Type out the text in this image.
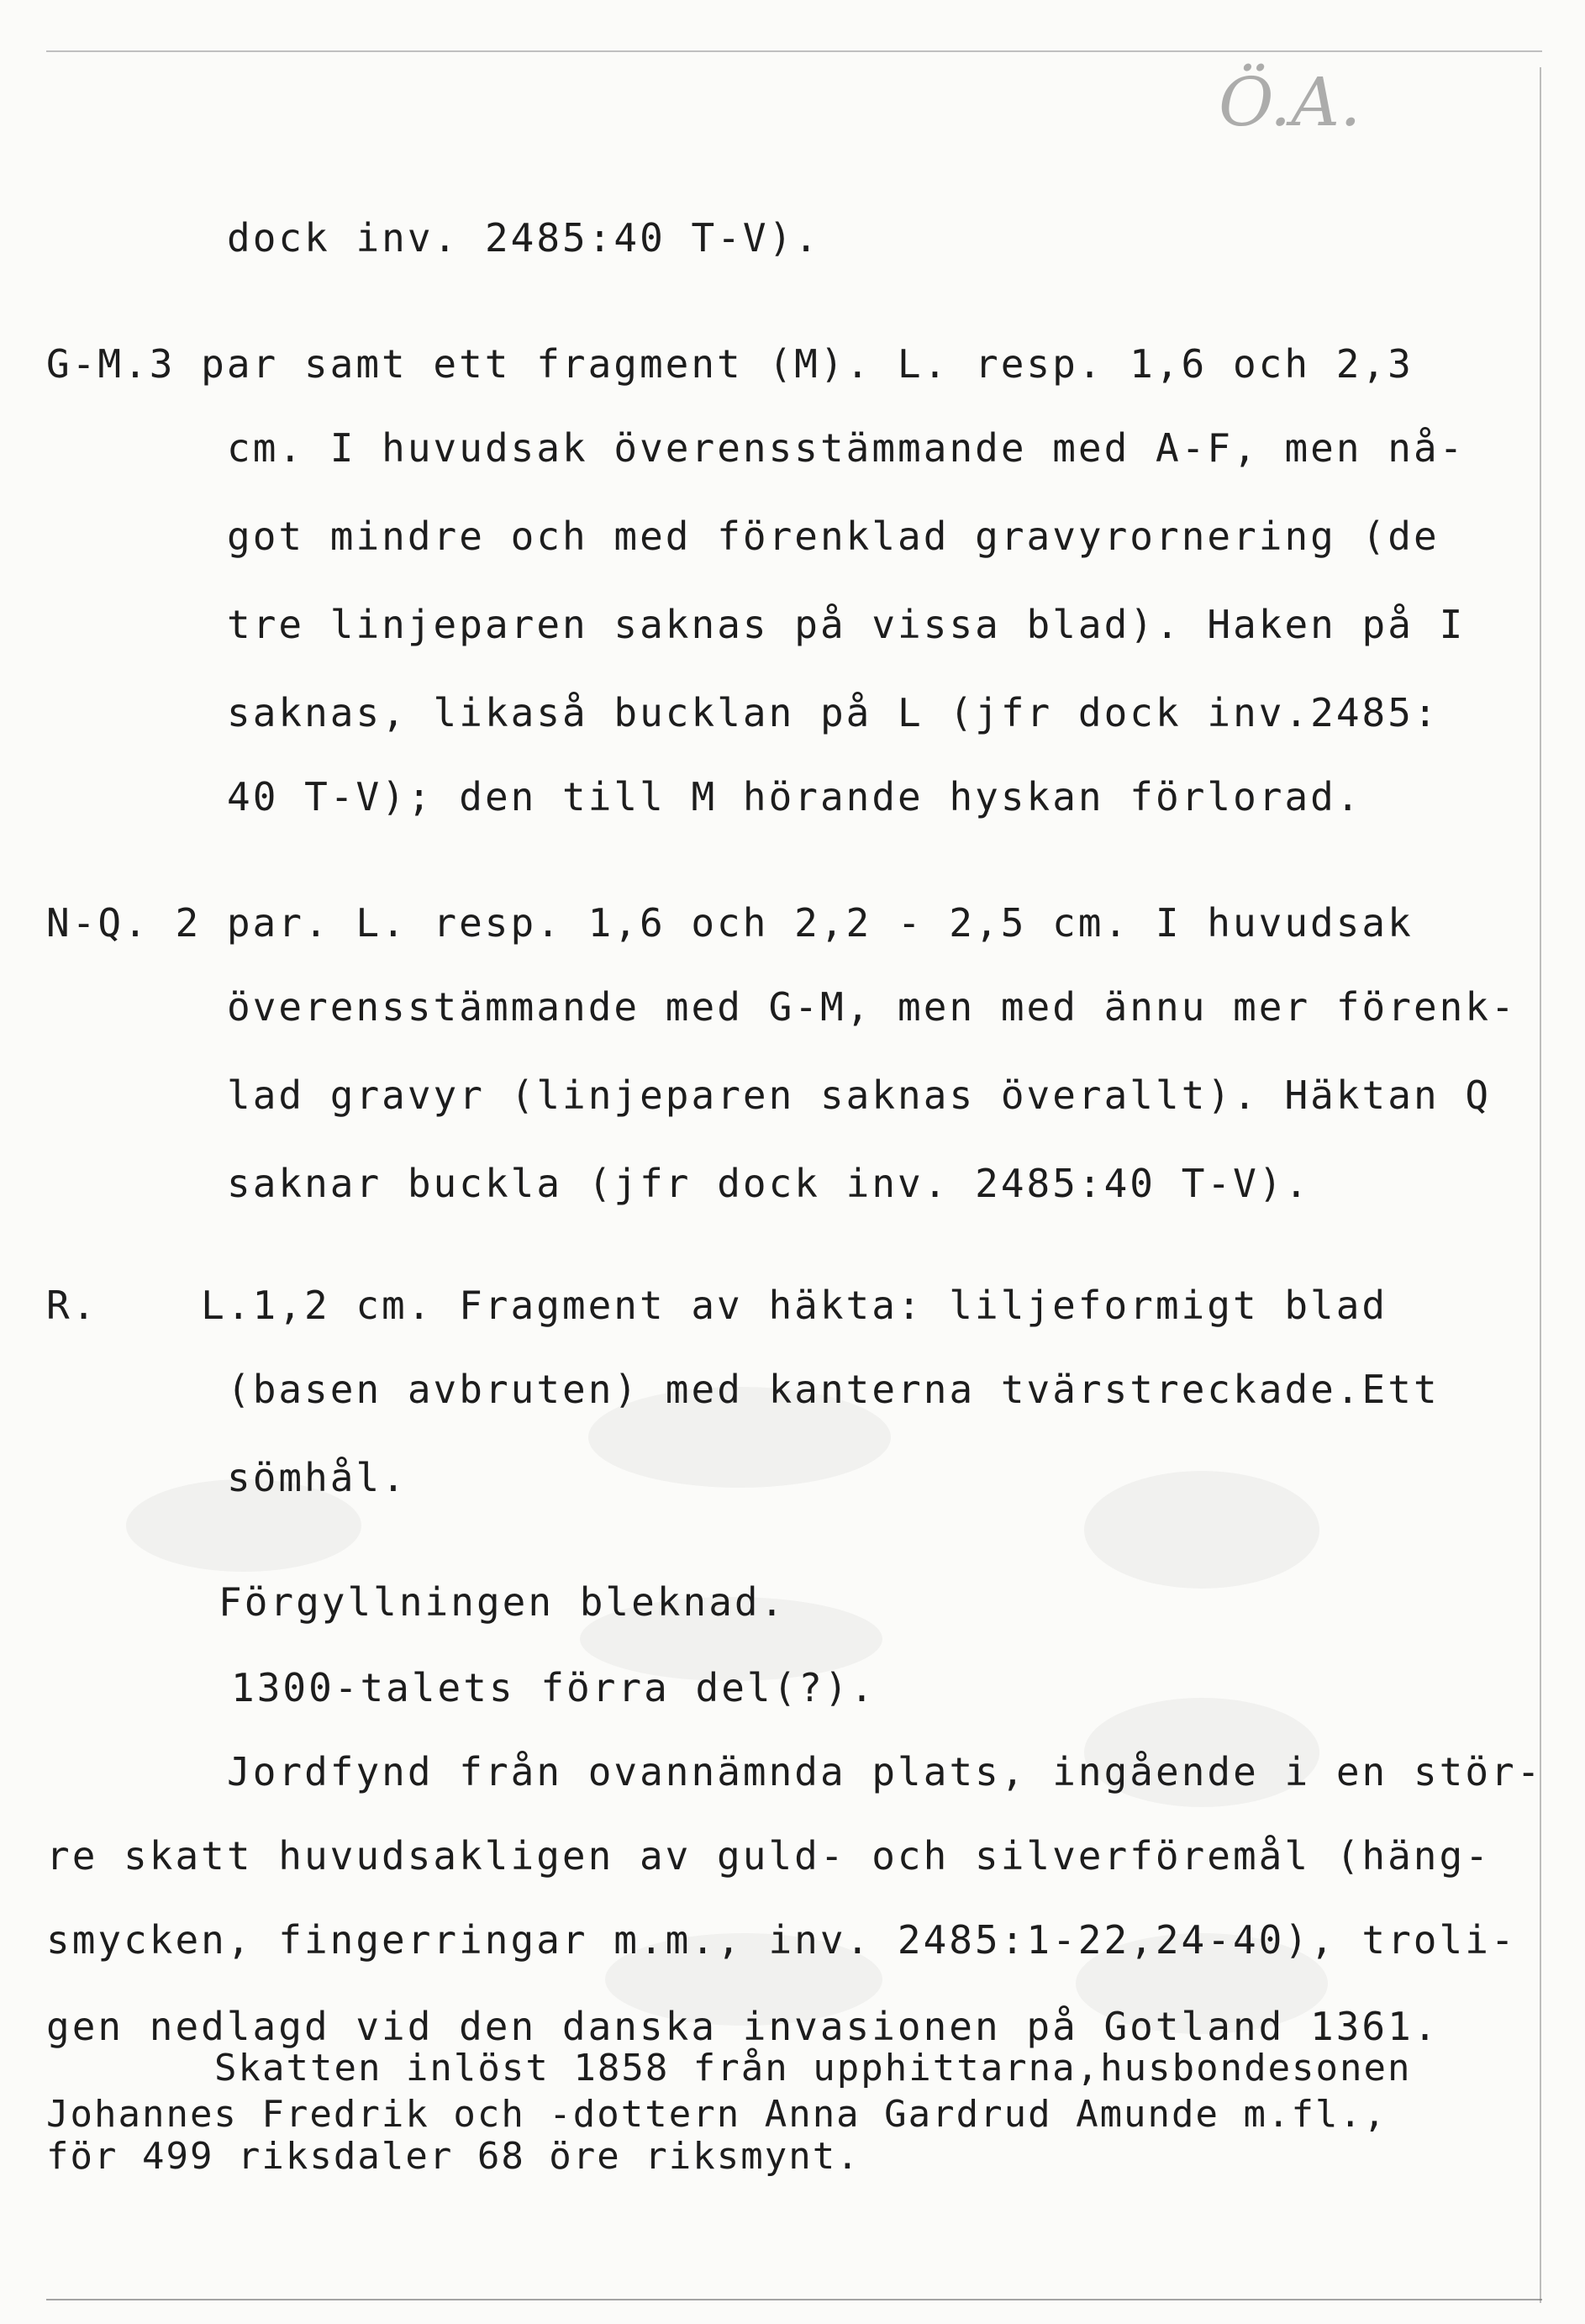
Ö.A.
dock inv. 2485:40 T-V).
G-M.3 par samt ett fragment (M). L. resp. 1,6 och 2,3
cm. I huvudsak överensstämmande med A-F, men nå-
got mindre och med förenklad gravyrornering (de
tre linjeparen saknas på vissa blad). Haken på I
saknas, likaså bucklan på L (jfr dock inv.2485:
40 T-V); den till M hörande hyskan förlorad.
N-Q. 2 par. L. resp. 1,6 och 2,2 - 2,5 cm. I huvudsak
överensstämmande med G-M, men med ännu mer förenk-
lad gravyr (linjeparen saknas överallt). Häktan Q
saknar buckla (jfr dock inv. 2485:40 T-V).
R.    L.1,2 cm. Fragment av häkta: liljeformigt blad
(basen avbruten) med kanterna tvärstreckade.Ett
sömhål.
Förgyllningen bleknad.
1300-talets förra del(?).
Jordfynd från ovannämnda plats, ingående i en stör-
re skatt huvudsakligen av guld- och silverföremål (häng-
smycken, fingerringar m.m., inv. 2485:1-22,24-40), troli-
gen nedlagd vid den danska invasionen på Gotland 1361.
Skatten inlöst 1858 från upphittarna,husbondesonen
Johannes Fredrik och -dottern Anna Gardrud Amunde m.fl.,
för 499 riksdaler 68 öre riksmynt.
